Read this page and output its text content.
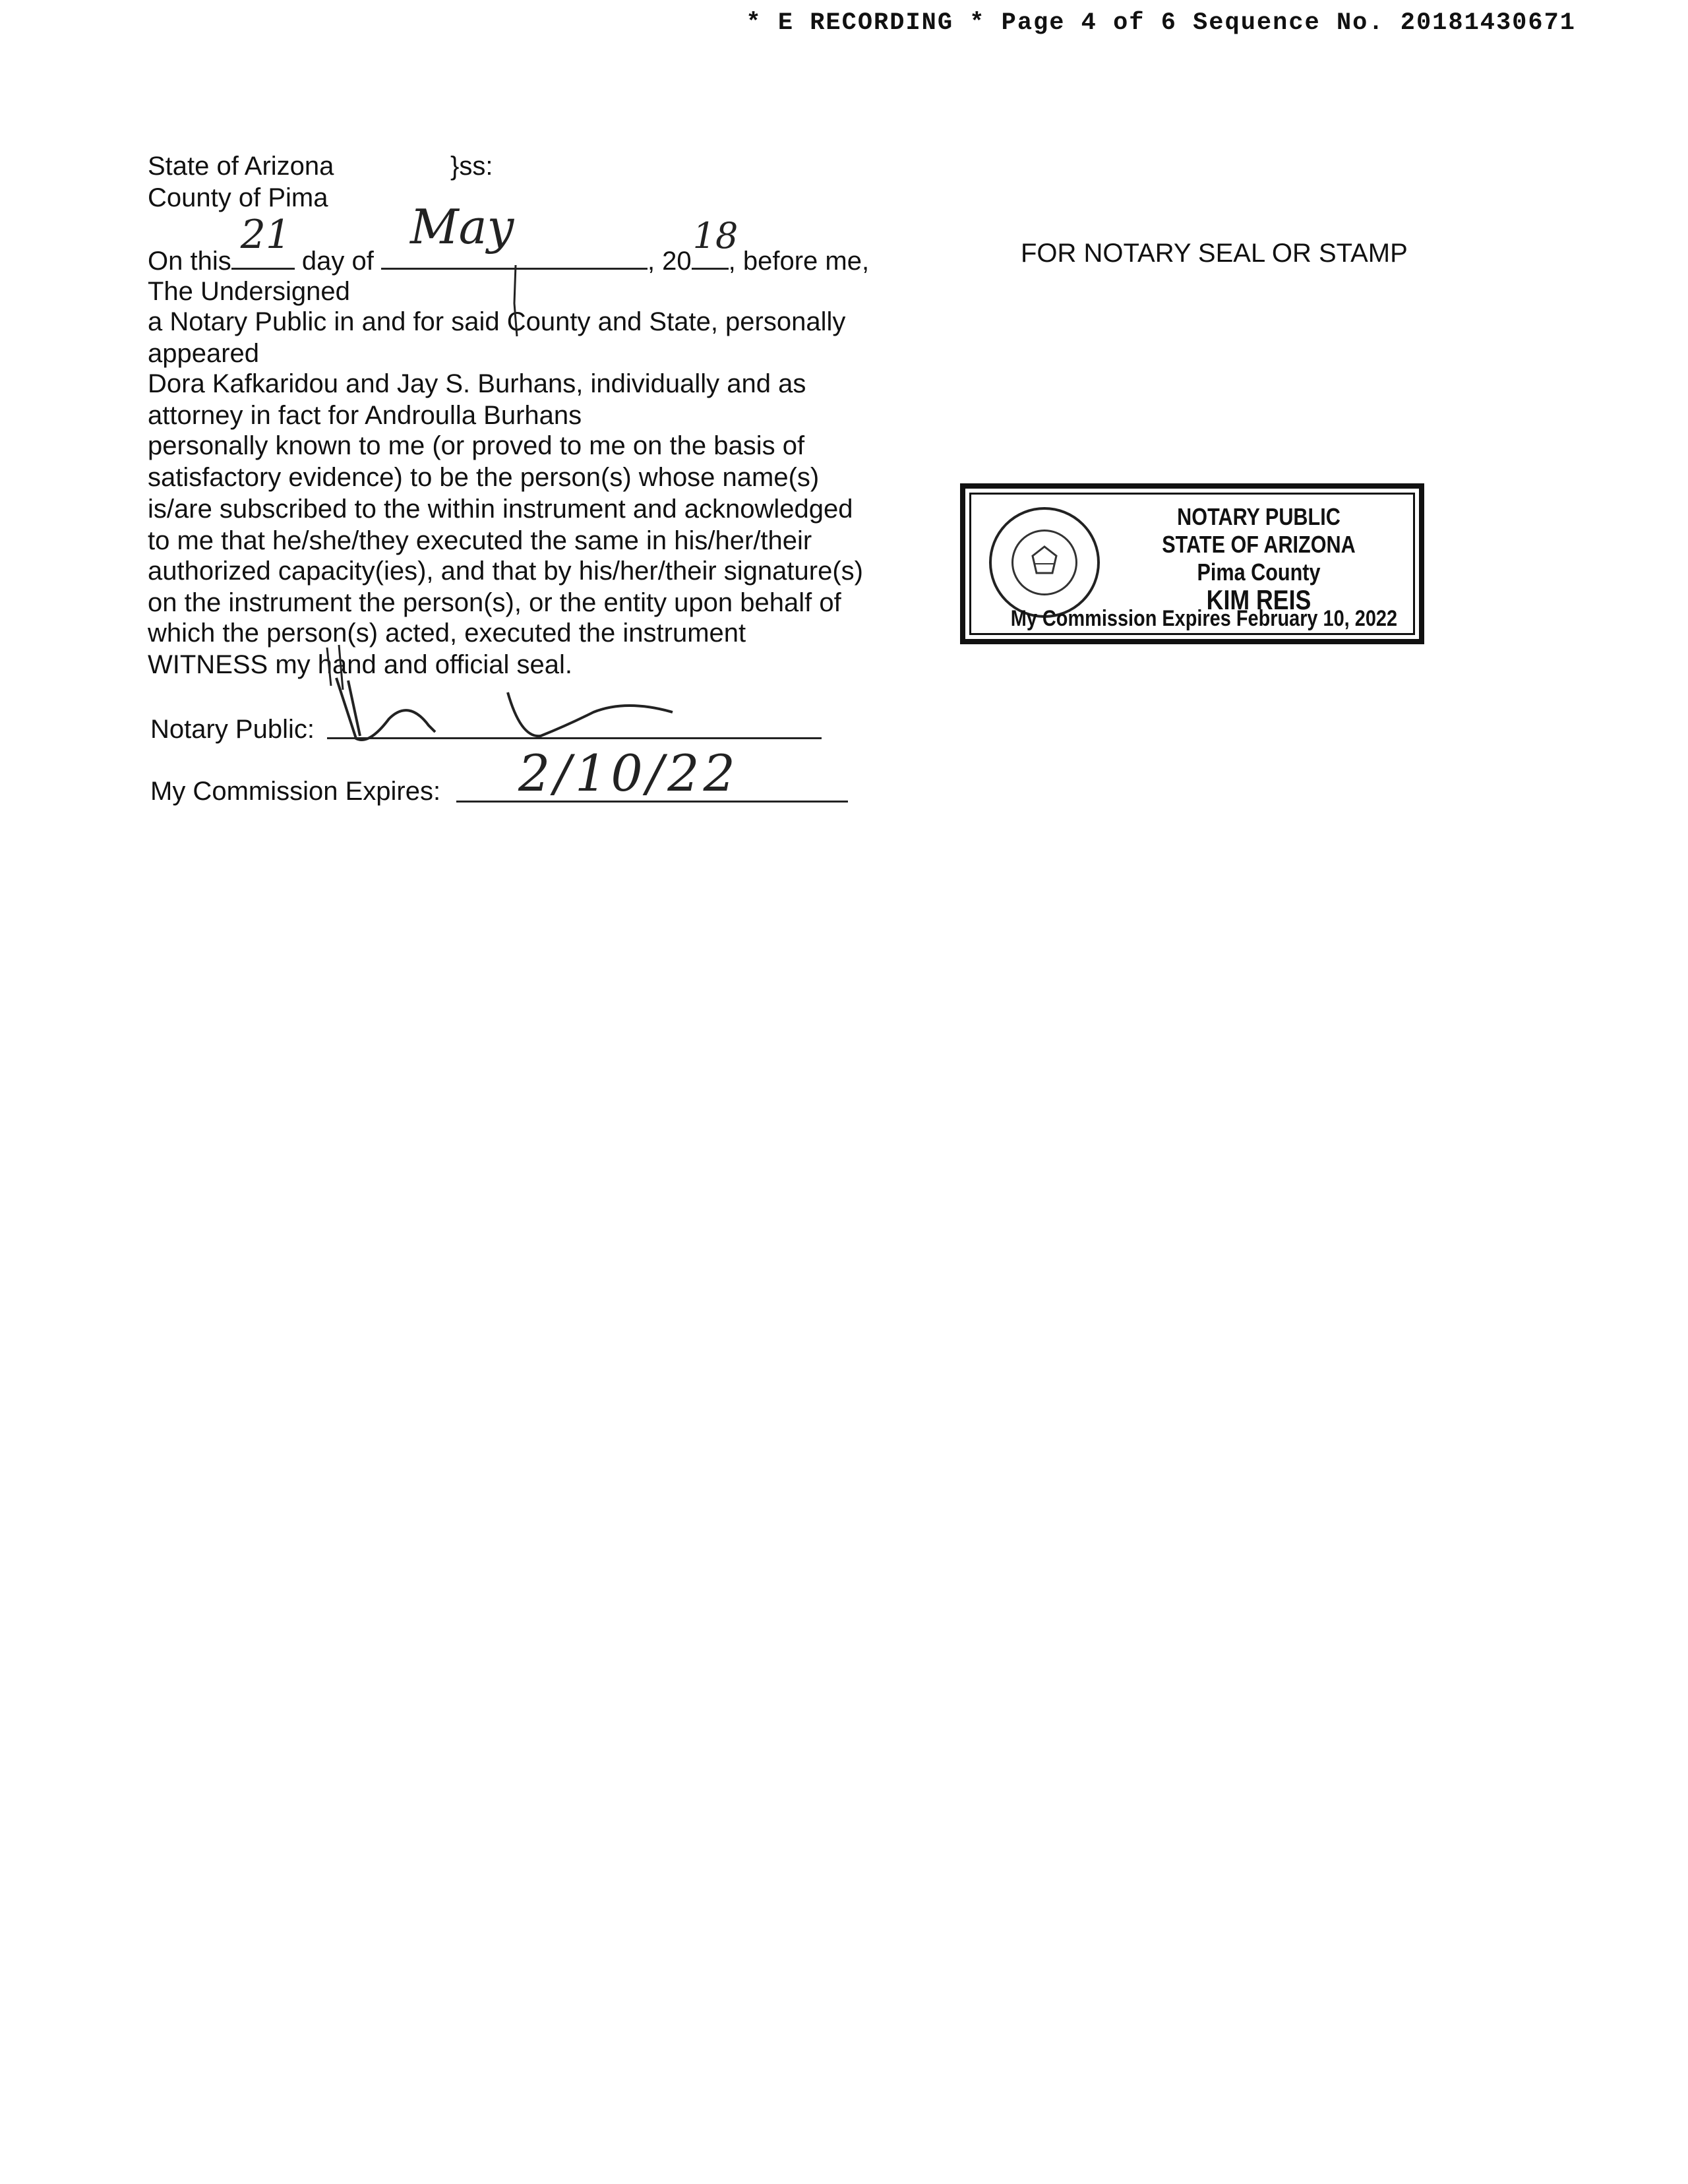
* E RECORDING * Page 4 of 6 Sequence No. 20181430671
State of Arizona	}ss:
County of Pima
On this
21
day of
May
, 20
18
, before me,
The Undersigned
a Notary Public in and for said County and State, personally
appeared
Dora Kafkaridou and Jay S. Burhans, individually and as
attorney in fact for Androulla Burhans
personally known to me (or proved to me on the basis of
satisfactory evidence) to be the person(s) whose name(s)
is/are subscribed to the within instrument and acknowledged
to me that he/she/they executed the same in his/her/their
authorized capacity(ies), and that by his/her/their signature(s)
on the instrument the person(s), or the entity upon behalf of
which the person(s) acted, executed the instrument
WITNESS my hand and official seal.
Notary Public:
My Commission Expires: 2/10/22
FOR NOTARY SEAL OR STAMP
NOTARY PUBLIC
STATE OF ARIZONA
Pima County
KIM REIS
My Commission Expires February 10, 2022
